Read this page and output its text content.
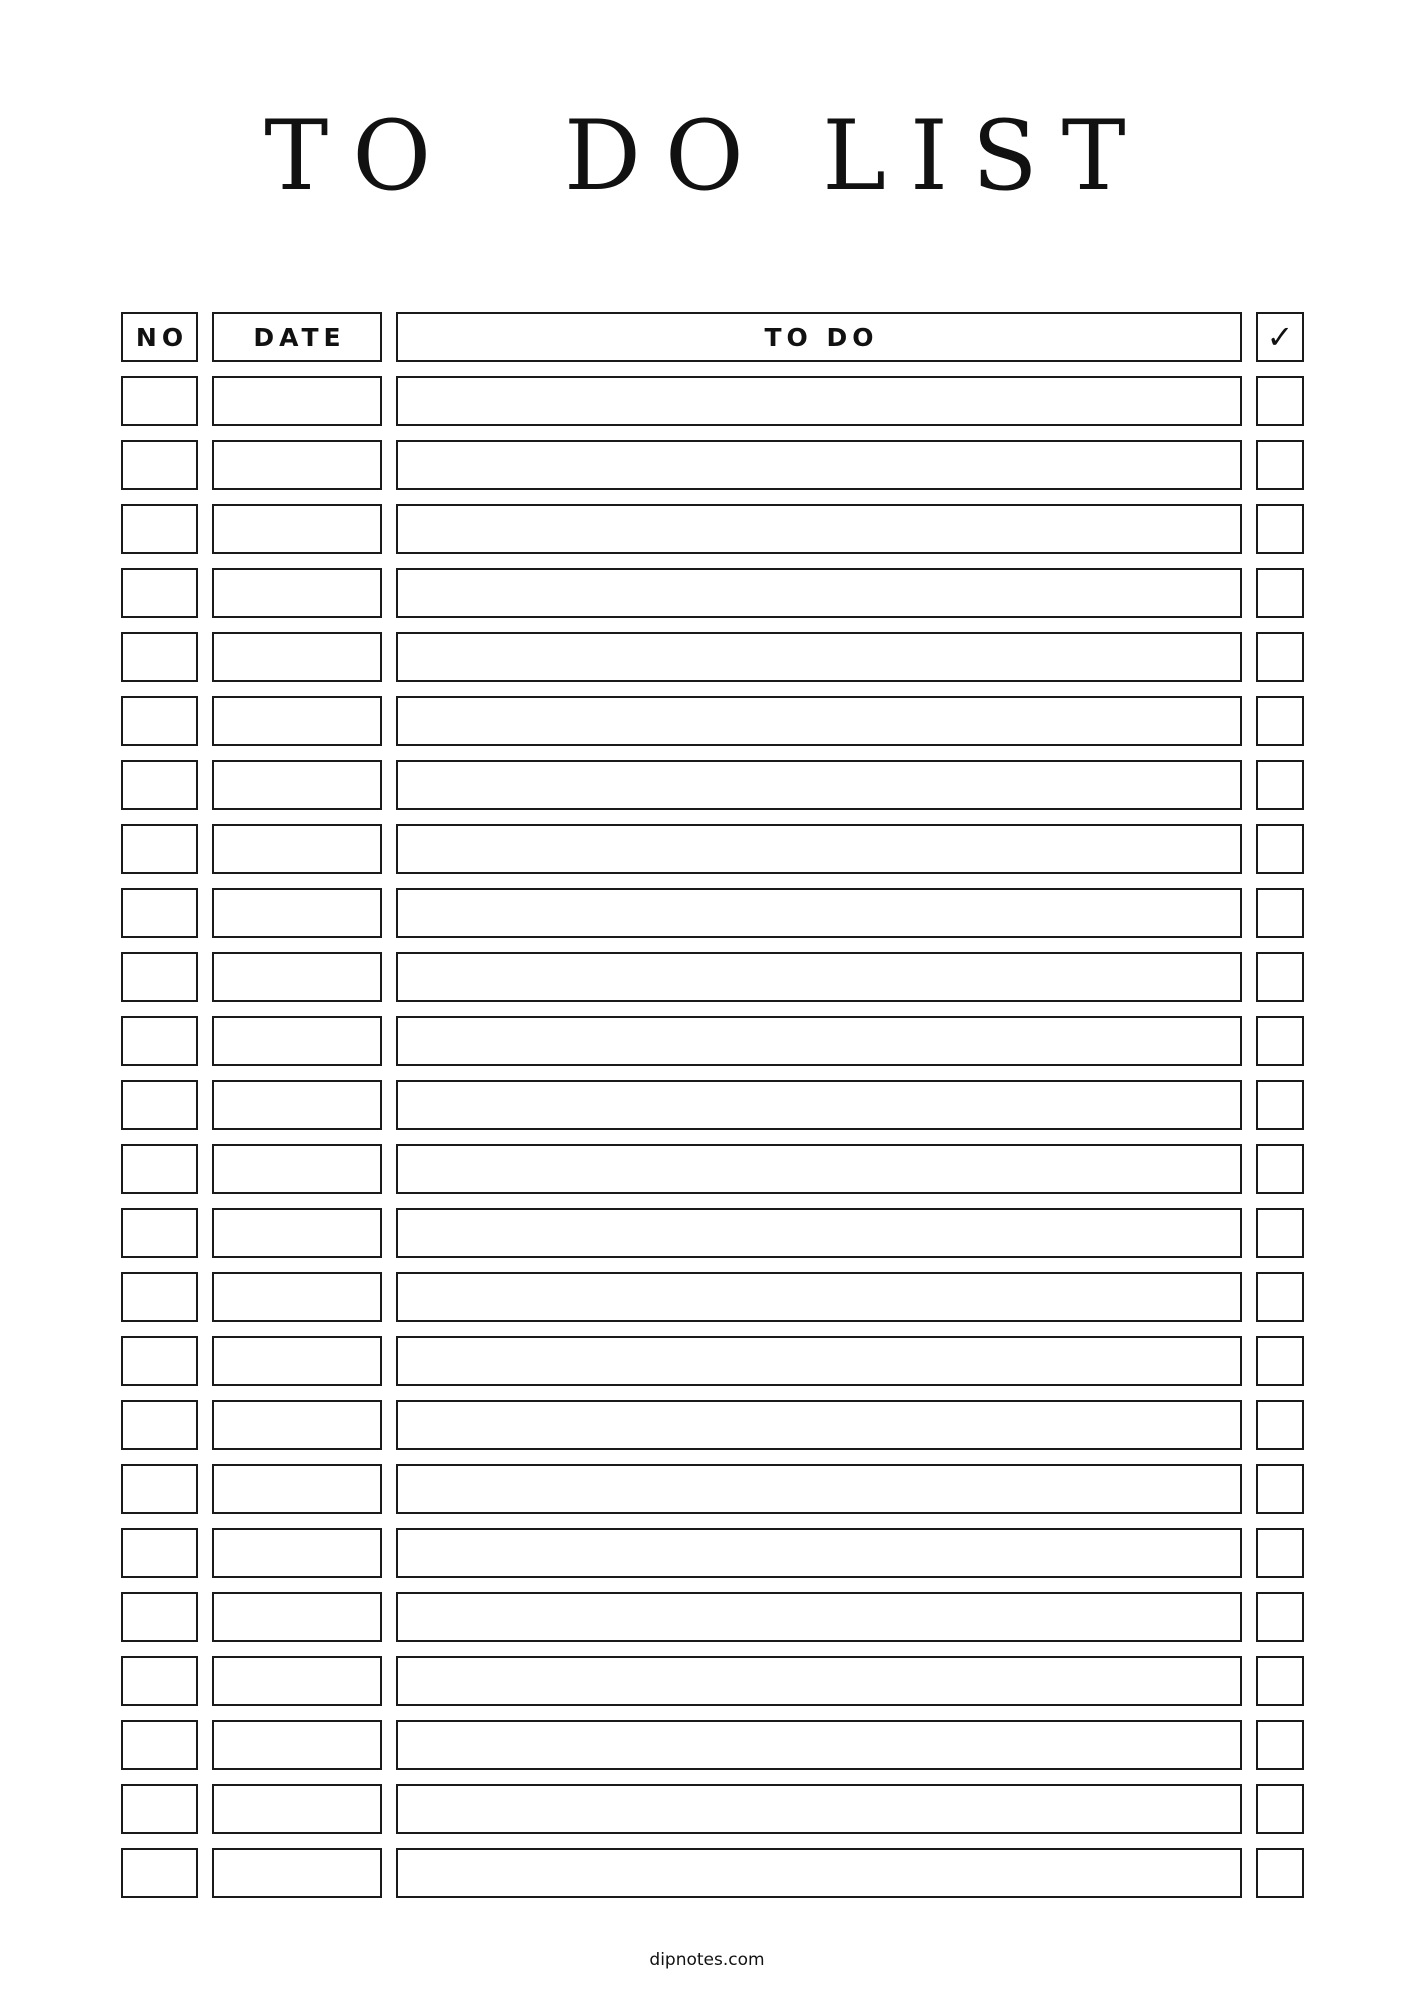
TO  DO LIST
NO	DATE	TO DO	✓
dipnotes.com
